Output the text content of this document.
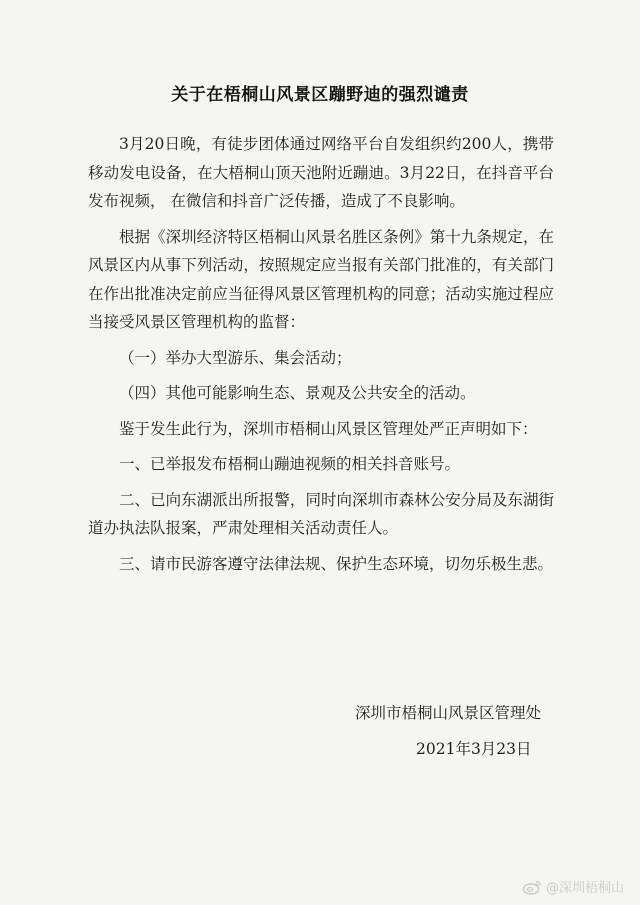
关于在梧桐山风景区蹦野迪的强烈谴责

3月20日晚，有徒步团体通过网络平台自发组织约200人，携带移动发电设备，在大梧桐山顶天池附近蹦迪。3月22日，在抖音平台发布视频， 在微信和抖音广泛传播，造成了不良影响。

根据《深圳经济特区梧桐山风景名胜区条例》第十九条规定，在风景区内从事下列活动，按照规定应当报有关部门批准的，有关部门在作出批准决定前应当征得风景区管理机构的同意；活动实施过程应当接受风景区管理机构的监督：

（一）举办大型游乐、集会活动；

（四）其他可能影响生态、景观及公共安全的活动。

鉴于发生此行为，深圳市梧桐山风景区管理处严正声明如下：

一、已举报发布梧桐山蹦迪视频的相关抖音账号。

二、已向东湖派出所报警，同时向深圳市森林公安分局及东湖街道办执法队报案，严肃处理相关活动责任人。

三、请市民游客遵守法律法规、保护生态环境，切勿乐极生悲。

深圳市梧桐山风景区管理处
2021年3月23日
@深圳梧桐山
